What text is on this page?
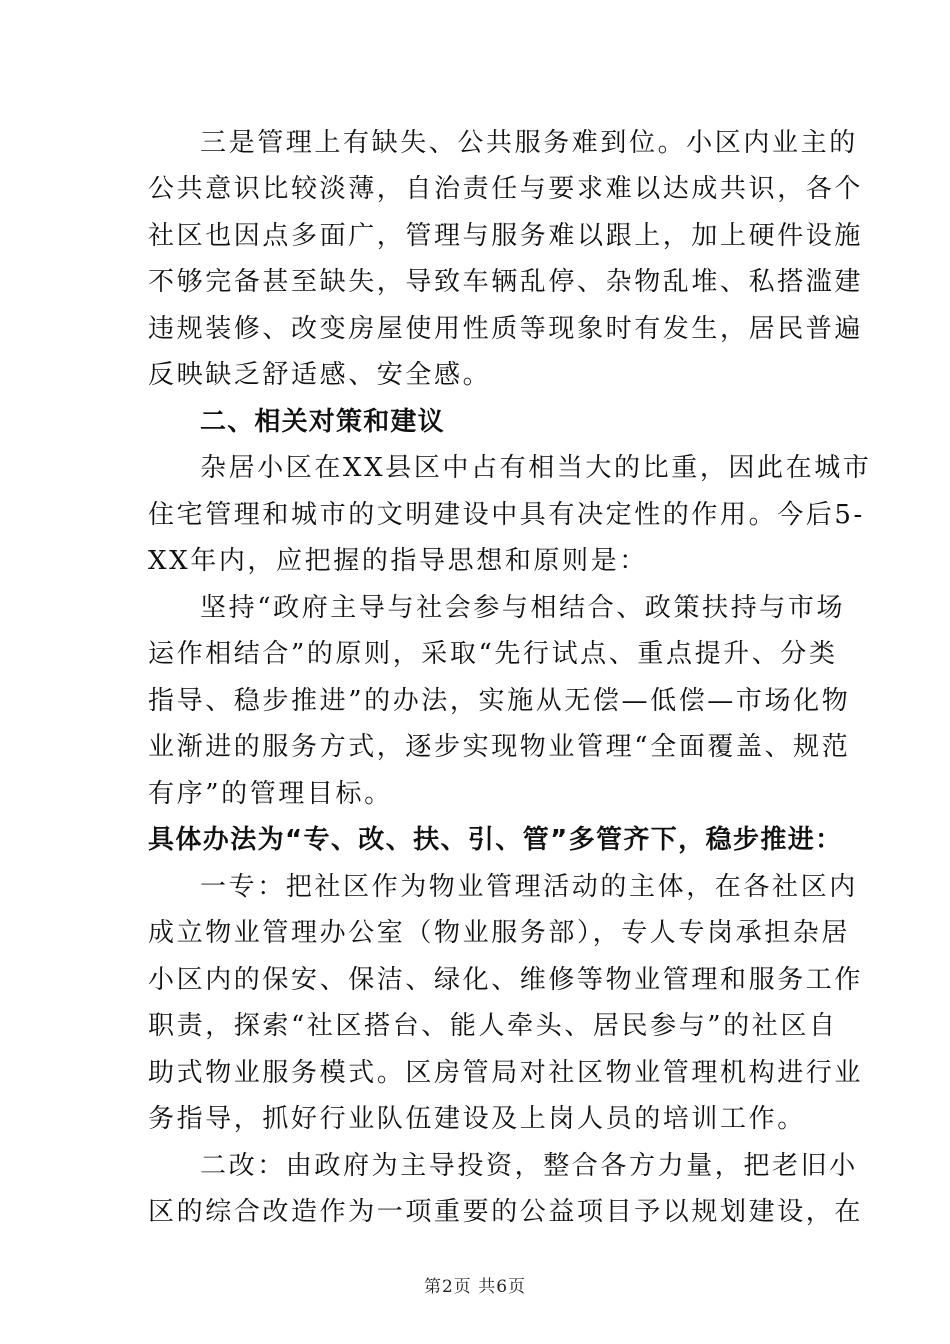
三是管理上有缺失、公共服务难到位。小区内业主的
公共意识比较淡薄，自治责任与要求难以达成共识，各个
社区也因点多面广，管理与服务难以跟上，加上硬件设施
不够完备甚至缺失，导致车辆乱停、杂物乱堆、私搭滥建
违规装修、改变房屋使用性质等现象时有发生，居民普遍
反映缺乏舒适感、安全感。
二、相关对策和建议
杂居小区在XX县区中占有相当大的比重，因此在城市
住宅管理和城市的文明建设中具有决定性的作用。今后5-
XX年内，应把握的指导思想和原则是：
坚持“政府主导与社会参与相结合、政策扶持与市场
运作相结合”的原则，采取“先行试点、重点提升、分类
指导、稳步推进”的办法，实施从无偿—低偿—市场化物
业渐进的服务方式，逐步实现物业管理“全面覆盖、规范
有序”的管理目标。
具体办法为“专、改、扶、引、管”多管齐下，稳步推进：
一专：把社区作为物业管理活动的主体，在各社区内
成立物业管理办公室（物业服务部），专人专岗承担杂居
小区内的保安、保洁、绿化、维修等物业管理和服务工作
职责，探索“社区搭台、能人牵头、居民参与”的社区自
助式物业服务模式。区房管局对社区物业管理机构进行业
务指导，抓好行业队伍建设及上岗人员的培训工作。
二改：由政府为主导投资，整合各方力量，把老旧小
区的综合改造作为一项重要的公益项目予以规划建设，在
第2页 共6页
